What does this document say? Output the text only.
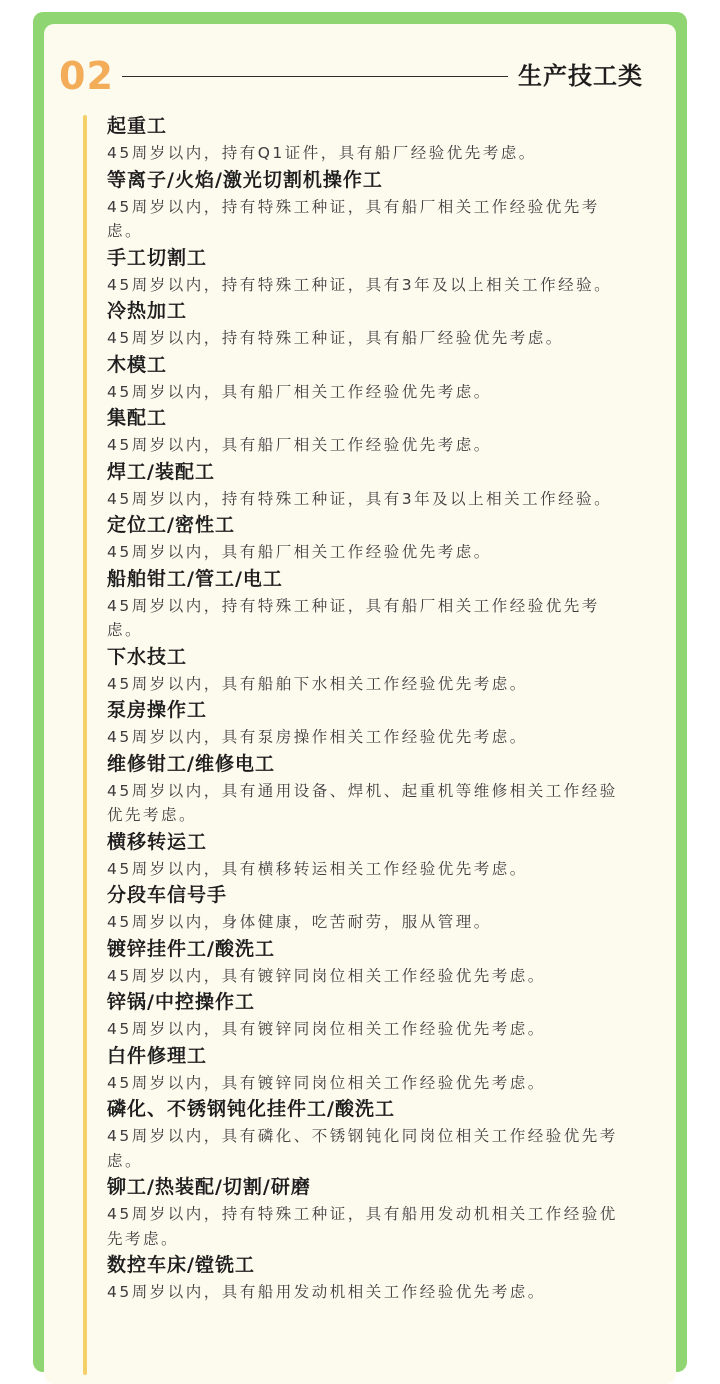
02	生产技工类
起重工
45周岁以内，持有Q1证件，具有船厂经验优先考虑。
等离子/火焰/激光切割机操作工
45周岁以内，持有特殊工种证，具有船厂相关工作经验优先考虑。
手工切割工
45周岁以内，持有特殊工种证，具有3年及以上相关工作经验。
冷热加工
45周岁以内，持有特殊工种证，具有船厂经验优先考虑。
木模工
45周岁以内，具有船厂相关工作经验优先考虑。
集配工
45周岁以内，具有船厂相关工作经验优先考虑。
焊工/装配工
45周岁以内，持有特殊工种证，具有3年及以上相关工作经验。
定位工/密性工
45周岁以内，具有船厂相关工作经验优先考虑。
船舶钳工/管工/电工
45周岁以内，持有特殊工种证，具有船厂相关工作经验优先考虑。
下水技工
45周岁以内，具有船舶下水相关工作经验优先考虑。
泵房操作工
45周岁以内，具有泵房操作相关工作经验优先考虑。
维修钳工/维修电工
45周岁以内，具有通用设备、焊机、起重机等维修相关工作经验优先考虑。
横移转运工
45周岁以内，具有横移转运相关工作经验优先考虑。
分段车信号手
45周岁以内，身体健康，吃苦耐劳，服从管理。
镀锌挂件工/酸洗工
45周岁以内，具有镀锌同岗位相关工作经验优先考虑。
锌锅/中控操作工
45周岁以内，具有镀锌同岗位相关工作经验优先考虑。
白件修理工
45周岁以内，具有镀锌同岗位相关工作经验优先考虑。
磷化、不锈钢钝化挂件工/酸洗工
45周岁以内，具有磷化、不锈钢钝化同岗位相关工作经验优先考虑。
铆工/热装配/切割/研磨
45周岁以内，持有特殊工种证，具有船用发动机相关工作经验优先考虑。
数控车床/镗铣工
45周岁以内，具有船用发动机相关工作经验优先考虑。
